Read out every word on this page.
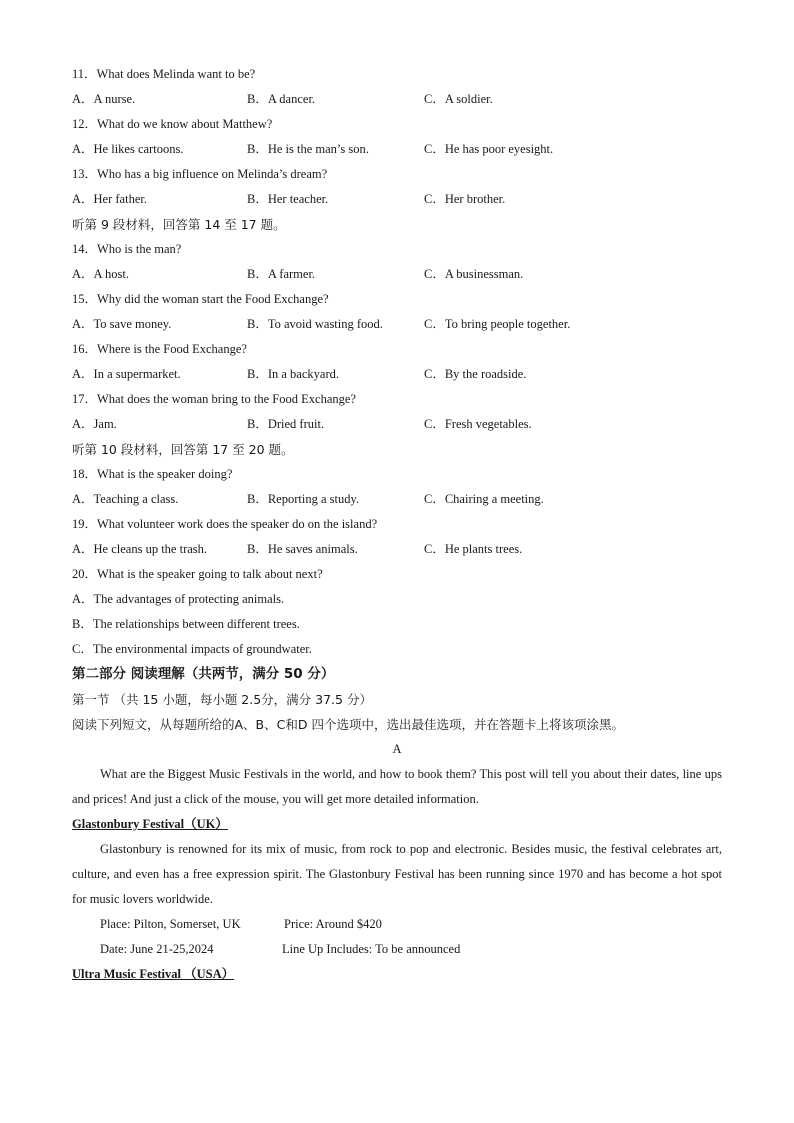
11．What does Melinda want to be?
A．A nurse.	B．A dancer.	C．A soldier.
12．What do we know about Matthew?
A．He likes cartoons.	B．He is the man’s son.	C．He has poor eyesight.
13．Who has a big influence on Melinda’s dream?
A．Her father.	B．Her teacher.	C．Her brother.
听第 9 段材料，回答第 14 至 17 题。
14．Who is the man?
A．A host.	B．A farmer.	C．A businessman.
15．Why did the woman start the Food Exchange?
A．To save money.	B．To avoid wasting food.	C．To bring people together.
16．Where is the Food Exchange?
A．In a supermarket.	B．In a backyard.	C．By the roadside.
17．What does the woman bring to the Food Exchange?
A．Jam.	B．Dried fruit.	C．Fresh vegetables.
听第 10 段材料，回答第 17 至 20 题。
18．What is the speaker doing?
A．Teaching a class.	B．Reporting a study.	C．Chairing a meeting.
19．What volunteer work does the speaker do on the island?
A．He cleans up the trash.	B．He saves animals.	C．He plants trees.
20．What is the speaker going to talk about next?
A．The advantages of protecting animals.
B．The relationships between different trees.
C．The environmental impacts of groundwater.
第二部分 阅读理解（共两节，满分 50 分）
第一节 （共 15 小题，每小题 2.5分，满分 37.5 分）
阅读下列短文，从每题所给的A、B、C和D 四个选项中，选出最佳选项，并在答题卡上将该项涂黑。
A
What are the Biggest Music Festivals in the world, and how to book them? This post will tell you about their dates, line ups and prices! And just a click of the mouse, you will get more detailed information.
Glastonbury Festival（UK）
Glastonbury is renowned for its mix of music, from rock to pop and electronic. Besides music, the festival celebrates art, culture, and even has a free expression spirit. The Glastonbury Festival has been running since 1970 and has become a hot spot for music lovers worldwide.
Place: Pilton, Somerset, UK	Price: Around $420
Date: June 21-25,2024	Line Up Includes: To be announced
Ultra Music Festival （USA）
